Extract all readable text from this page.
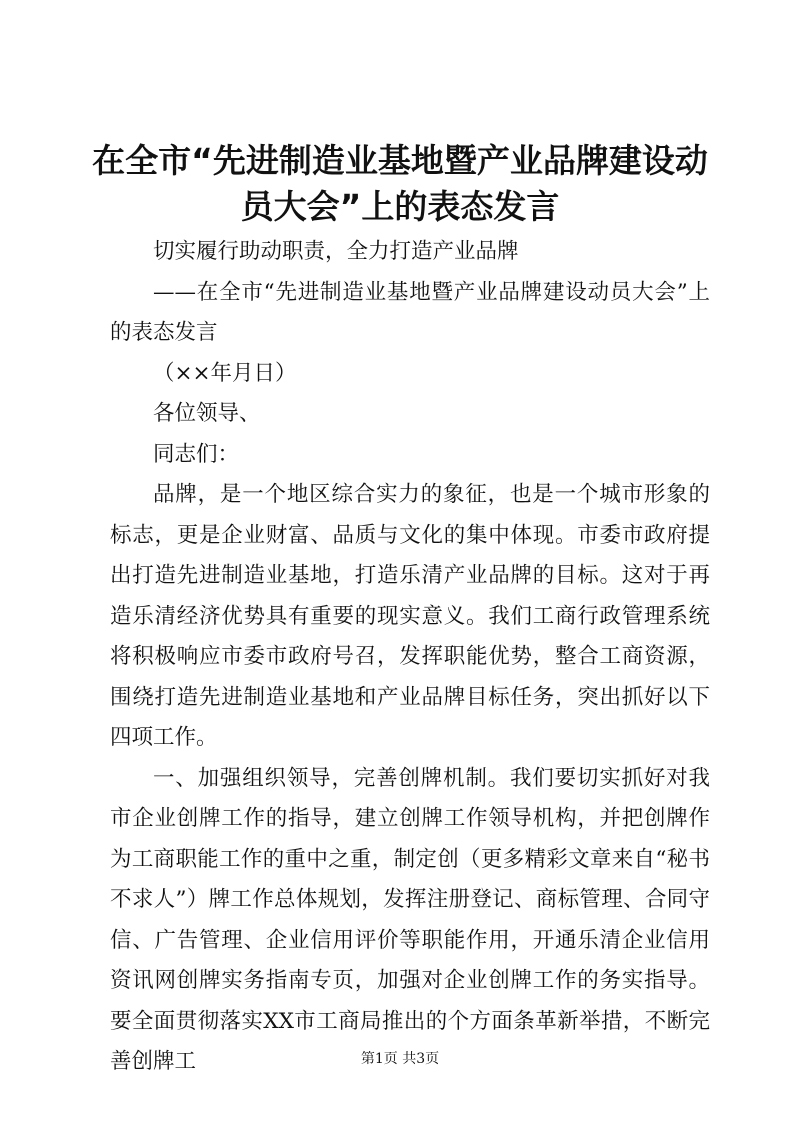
在全市“先进制造业基地暨产业品牌建设动员大会”上的表态发言

切实履行助动职责，全力打造产业品牌

——在全市“先进制造业基地暨产业品牌建设动员大会”上的表态发言

（××年月日）

各位领导、

同志们：

品牌，是一个地区综合实力的象征，也是一个城市形象的标志，更是企业财富、品质与文化的集中体现。市委市政府提出打造先进制造业基地，打造乐清产业品牌的目标。这对于再造乐清经济优势具有重要的现实意义。我们工商行政管理系统将积极响应市委市政府号召，发挥职能优势，整合工商资源，围绕打造先进制造业基地和产业品牌目标任务，突出抓好以下四项工作。

一、加强组织领导，完善创牌机制。我们要切实抓好对我市企业创牌工作的指导，建立创牌工作领导机构，并把创牌作为工商职能工作的重中之重，制定创（更多精彩文章来自“秘书不求人”）牌工作总体规划，发挥注册登记、商标管理、合同守信、广告管理、企业信用评价等职能作用，开通乐清企业信用资讯网创牌实务指南专页，加强对企业创牌工作的务实指导。要全面贯彻落实XX市工商局推出的个方面条革新举措，不断完善创牌工	第1页 共3页
